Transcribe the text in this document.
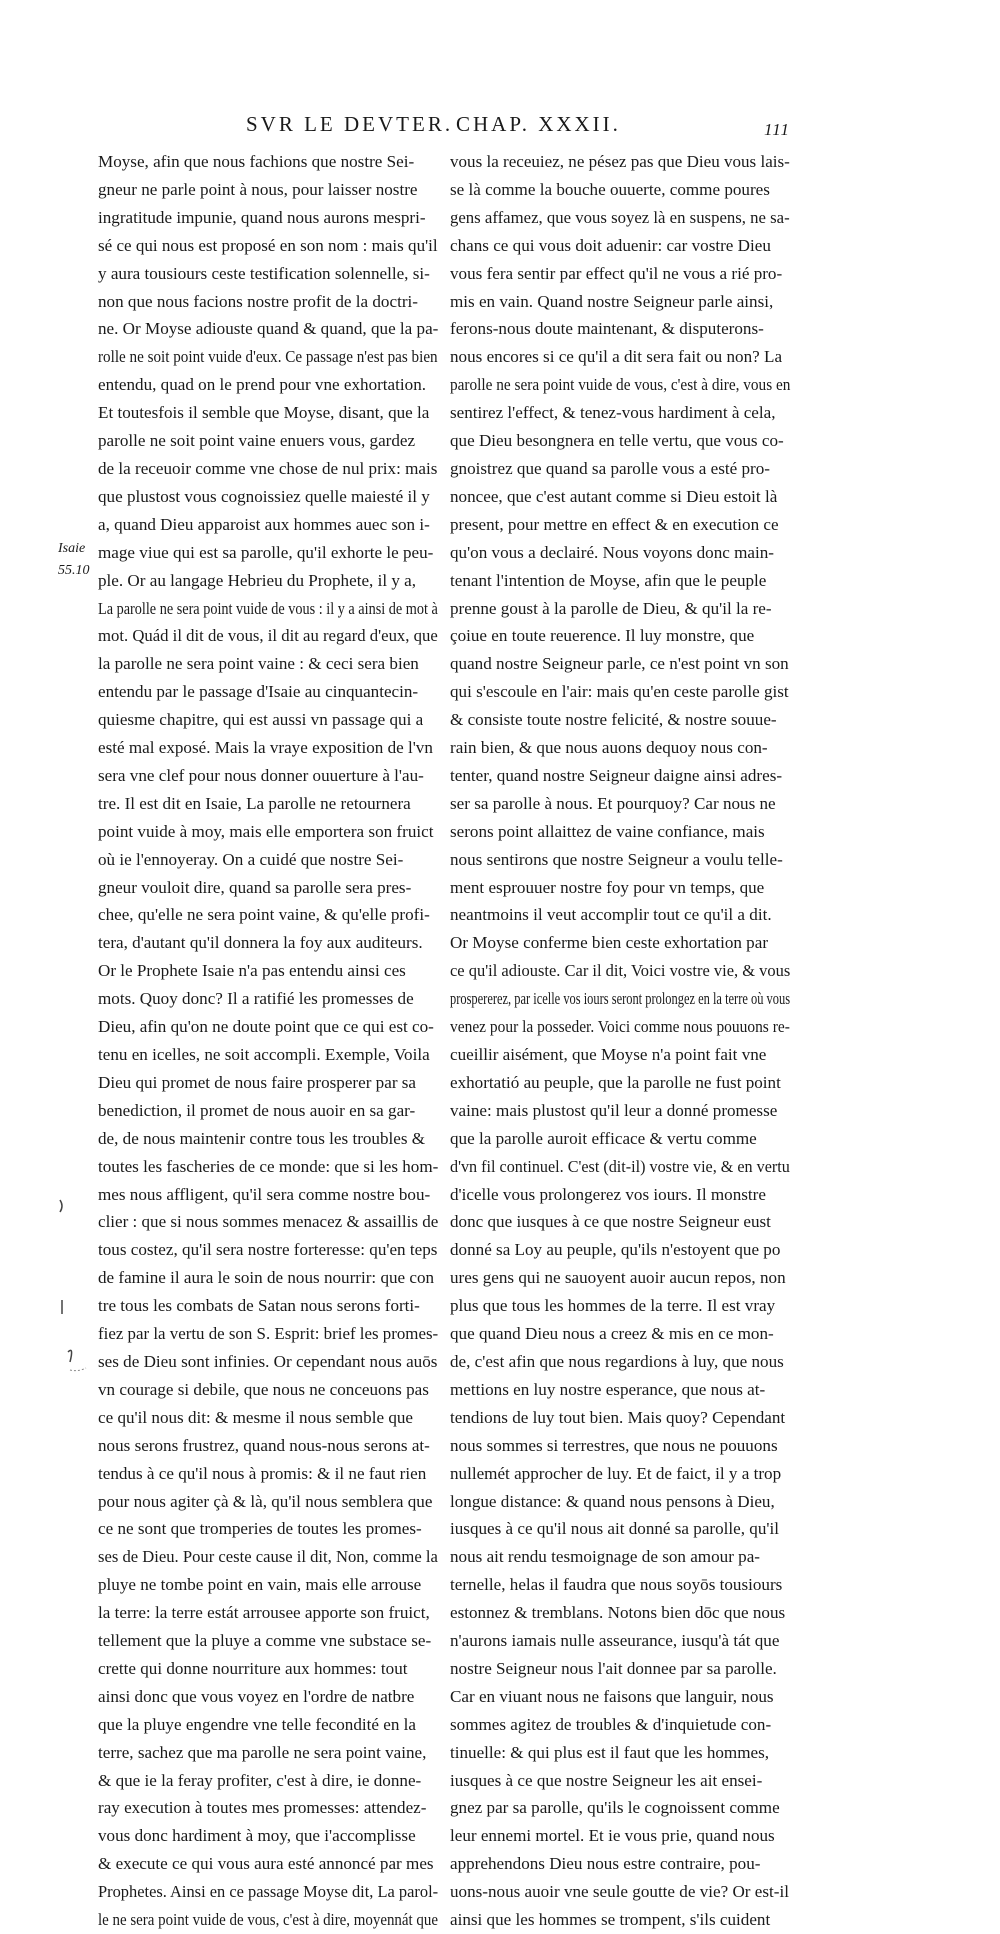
SVR LE DEVTER. CHAP. XXXII.	111
Isaie
55.10
Moyse, afin que nous fachions que nostre Sei-
gneur ne parle point à nous, pour laisser nostre
ingratitude impunie, quand nous aurons mespri-
sé ce qui nous est proposé en son nom : mais qu'il
y aura tousiours ceste testification solennelle, si-
non que nous facions nostre profit de la doctri-
ne. Or Moyse adiouste quand & quand, que la pa-
rolle ne soit point vuide d'eux. Ce passage n'est pas bien
entendu, quad on le prend pour vne exhortation.
Et toutesfois il semble que Moyse, disant, que la
parolle ne soit point vaine enuers vous, gardez
de la receuoir comme vne chose de nul prix: mais
que plustost vous cognoissiez quelle maiesté il y
a, quand Dieu apparoist aux hommes auec son i-
mage viue qui est sa parolle, qu'il exhorte le peu-
ple. Or au langage Hebrieu du Prophete, il y a,
La parolle ne sera point vuide de vous : il y a ainsi de mot à
mot. Quád il dit de vous, il dit au regard d'eux, que
la parolle ne sera point vaine : & ceci sera bien
entendu par le passage d'Isaie au cinquantecin-
quiesme chapitre, qui est aussi vn passage qui a
esté mal exposé. Mais la vraye exposition de l'vn
sera vne clef pour nous donner ouuerture à l'au-
tre. Il est dit en Isaie, La parolle ne retournera
point vuide à moy, mais elle emportera son fruict
où ie l'ennoyeray. On a cuidé que nostre Sei-
gneur vouloit dire, quand sa parolle sera pres-
chee, qu'elle ne sera point vaine, & qu'elle profi-
tera, d'autant qu'il donnera la foy aux auditeurs.
Or le Prophete Isaie n'a pas entendu ainsi ces
mots. Quoy donc? Il a ratifié les promesses de
Dieu, afin qu'on ne doute point que ce qui est co-
tenu en icelles, ne soit accompli. Exemple, Voila
Dieu qui promet de nous faire prosperer par sa
benediction, il promet de nous auoir en sa gar-
de, de nous maintenir contre tous les troubles &
toutes les fascheries de ce monde: que si les hom-
mes nous affligent, qu'il sera comme nostre bou-
clier : que si nous sommes menacez & assaillis de
tous costez, qu'il sera nostre forteresse: qu'en teps
de famine il aura le soin de nous nourrir: que con
tre tous les combats de Satan nous serons forti-
fiez par la vertu de son S. Esprit: brief les promes-
ses de Dieu sont infinies. Or cependant nous auōs
vn courage si debile, que nous ne conceuons pas
ce qu'il nous dit: & mesme il nous semble que
nous serons frustrez, quand nous-nous serons at-
tendus à ce qu'il nous à promis: & il ne faut rien
pour nous agiter çà & là, qu'il nous semblera que
ce ne sont que tromperies de toutes les promes-
ses de Dieu. Pour ceste cause il dit, Non, comme la
pluye ne tombe point en vain, mais elle arrouse
la terre: la terre estát arrousee apporte son fruict,
tellement que la pluye a comme vne substace se-
crette qui donne nourriture aux hommes: tout
ainsi donc que vous voyez en l'ordre de natbre
que la pluye engendre vne telle fecondité en la
terre, sachez que ma parolle ne sera point vaine,
& que ie la feray profiter, c'est à dire, ie donne-
ray execution à toutes mes promesses: attendez-
vous donc hardiment à moy, que i'accomplisse
& execute ce qui vous aura esté annoncé par mes
Prophetes. Ainsi en ce passage Moyse dit, La parol-
le ne sera point vuide de vous, c'est à dire, moyennát que
vous la receuiez, ne pésez pas que Dieu vous lais-
se là comme la bouche ouuerte, comme poures
gens affamez, que vous soyez là en suspens, ne sa-
chans ce qui vous doit aduenir: car vostre Dieu
vous fera sentir par effect qu'il ne vous a rié pro-
mis en vain. Quand nostre Seigneur parle ainsi,
ferons-nous doute maintenant, & disputerons-
nous encores si ce qu'il a dit sera fait ou non? La
parolle ne sera point vuide de vous, c'est à dire, vous en
sentirez l'effect, & tenez-vous hardiment à cela,
que Dieu besongnera en telle vertu, que vous co-
gnoistrez que quand sa parolle vous a esté pro-
noncee, que c'est autant comme si Dieu estoit là
present, pour mettre en effect & en execution ce
qu'on vous a declairé. Nous voyons donc main-
tenant l'intention de Moyse, afin que le peuple
prenne goust à la parolle de Dieu, & qu'il la re-
çoiue en toute reuerence. Il luy monstre, que
quand nostre Seigneur parle, ce n'est point vn son
qui s'escoule en l'air: mais qu'en ceste parolle gist
& consiste toute nostre felicité, & nostre souue-
rain bien, & que nous auons dequoy nous con-
tenter, quand nostre Seigneur daigne ainsi adres-
ser sa parolle à nous. Et pourquoy? Car nous ne
serons point allaittez de vaine confiance, mais
nous sentirons que nostre Seigneur a voulu telle-
ment esprouuer nostre foy pour vn temps, que
neantmoins il veut accomplir tout ce qu'il a dit.
Or Moyse conferme bien ceste exhortation par
ce qu'il adiouste. Car il dit, Voici vostre vie, & vous
prospererez, par icelle vos iours seront prolongez en la terre où vous
venez pour la posseder. Voici comme nous pouuons re-
cueillir aisément, que Moyse n'a point fait vne
exhortatió au peuple, que la parolle ne fust point
vaine: mais plustost qu'il leur a donné promesse
que la parolle auroit efficace & vertu comme
d'vn fil continuel. C'est (dit-il) vostre vie, & en vertu
d'icelle vous prolongerez vos iours. Il monstre
donc que iusques à ce que nostre Seigneur eust
donné sa Loy au peuple, qu'ils n'estoyent que po
ures gens qui ne sauoyent auoir aucun repos, non
plus que tous les hommes de la terre. Il est vray
que quand Dieu nous a creez & mis en ce mon-
de, c'est afin que nous regardions à luy, que nous
mettions en luy nostre esperance, que nous at-
tendions de luy tout bien. Mais quoy? Cependant
nous sommes si terrestres, que nous ne pouuons
nullemét approcher de luy. Et de faict, il y a trop
longue distance: & quand nous pensons à Dieu,
iusques à ce qu'il nous ait donné sa parolle, qu'il
nous ait rendu tesmoignage de son amour pa-
ternelle, helas il faudra que nous soyōs tousiours
estonnez & tremblans. Notons bien dōc que nous
n'aurons iamais nulle asseurance, iusqu'à tát que
nostre Seigneur nous l'ait donnee par sa parolle.
Car en viuant nous ne faisons que languir, nous
sommes agitez de troubles & d'inquietude con-
tinuelle: & qui plus est il faut que les hommes,
iusques à ce que nostre Seigneur les ait ensei-
gnez par sa parolle, qu'ils le cognoissent comme
leur ennemi mortel. Et ie vous prie, quand nous
apprehendons Dieu nous estre contraire, pou-
uons-nous auoir vne seule goutte de vie? Or est-il
ainsi que les hommes se trompent, s'ils cuident
